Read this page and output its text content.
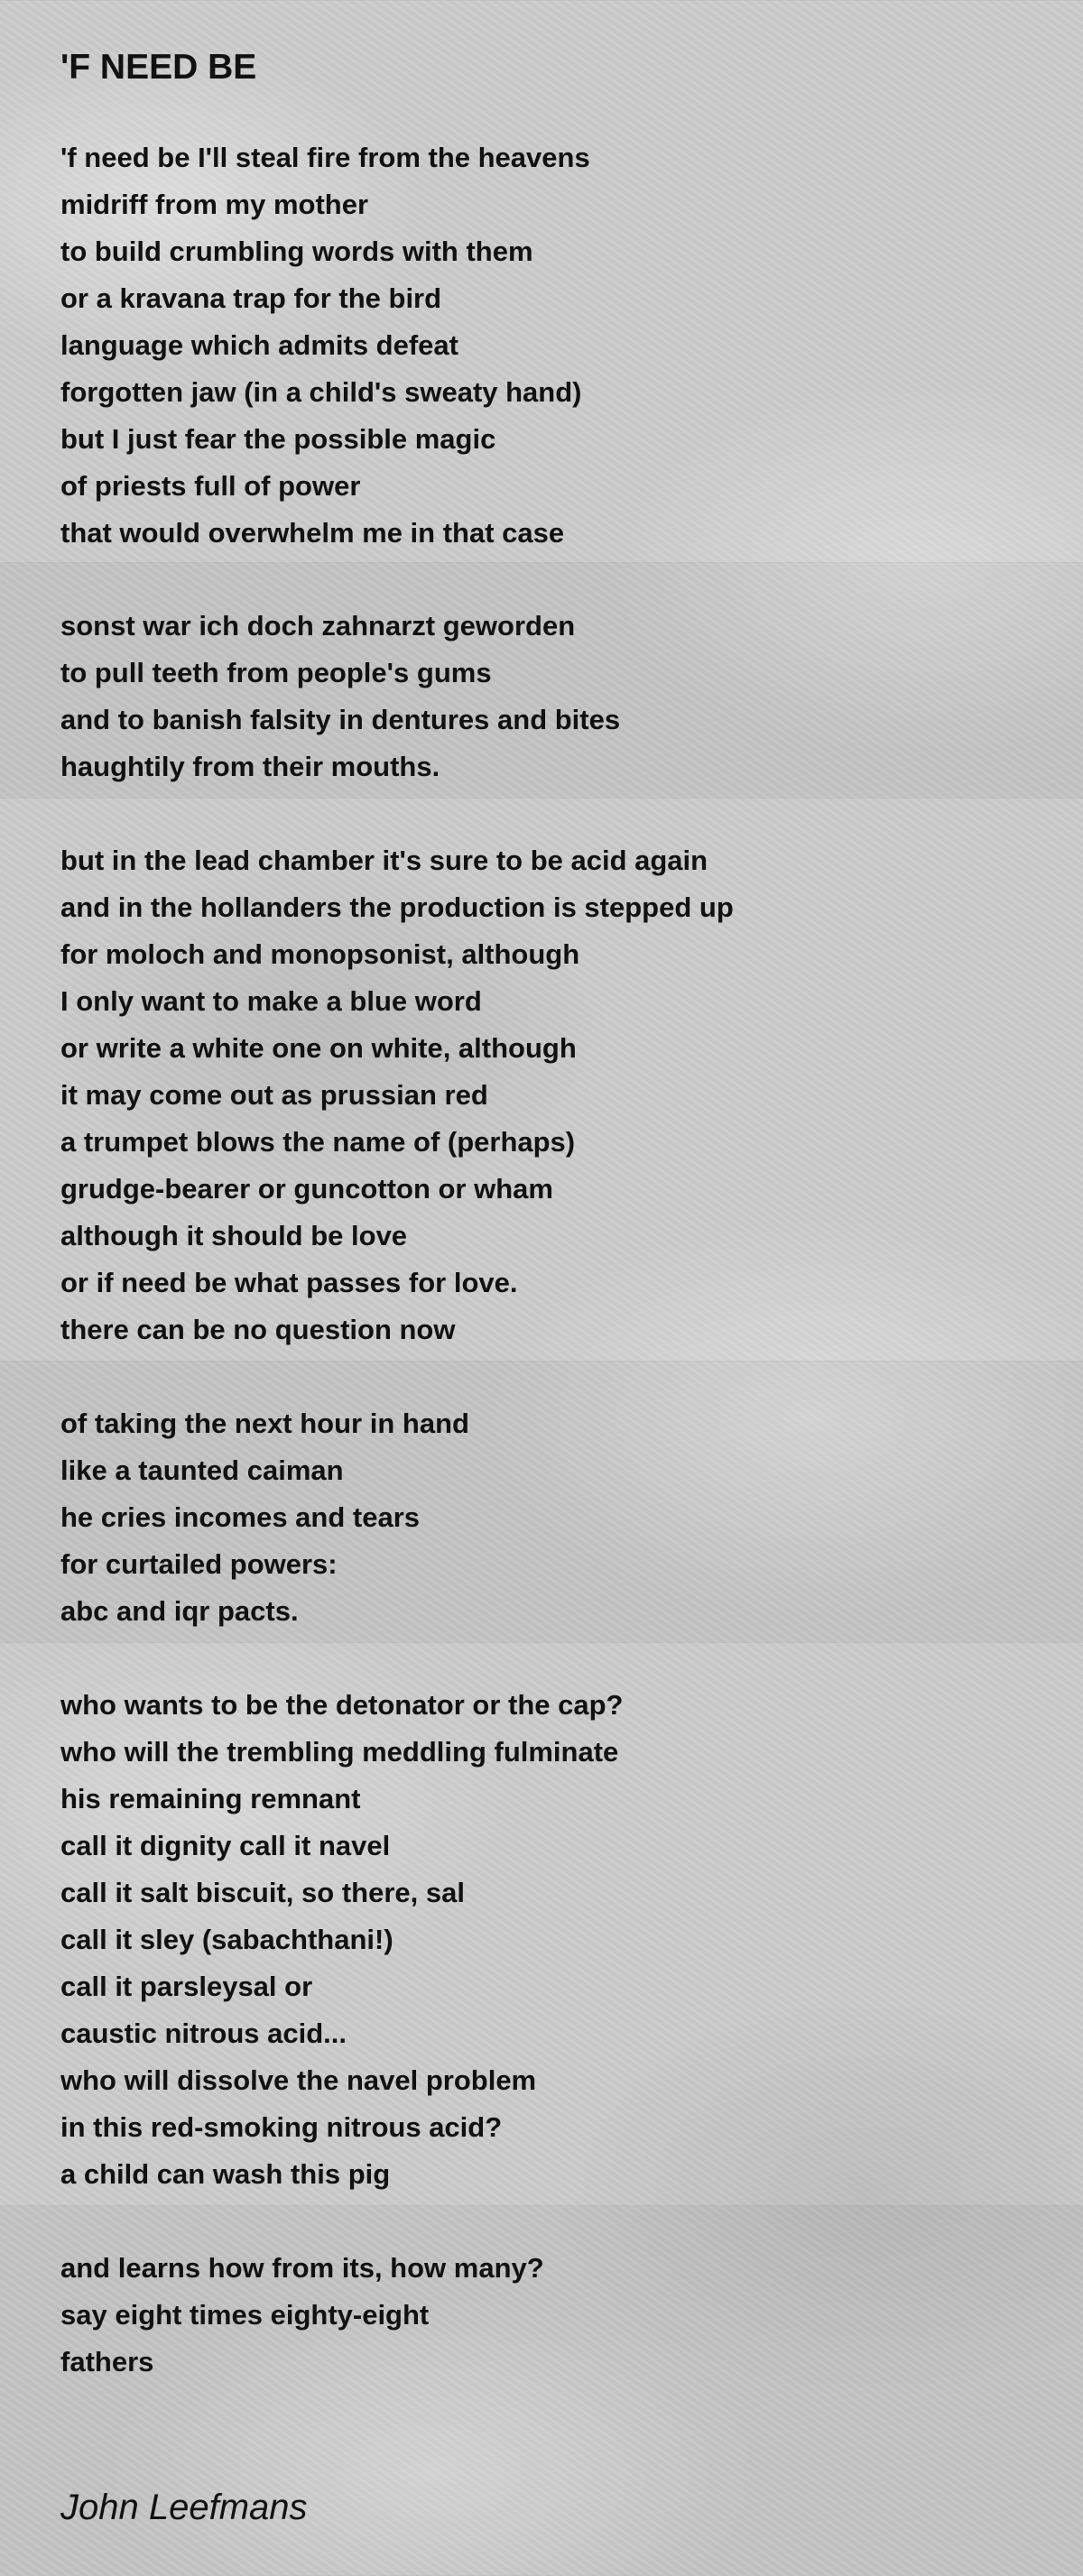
'F NEED BE
'f need be I'll steal fire from the heavens
midriff from my mother
to build crumbling words with them
or a kravana trap for the bird
language which admits defeat
forgotten jaw (in a child's sweaty hand)
but I just fear the possible magic
of priests full of power
that would overwhelm me in that case
sonst war ich doch zahnarzt geworden
to pull teeth from people's gums
and to banish falsity in dentures and bites
haughtily from their mouths.
but in the lead chamber it's sure to be acid again
and in the hollanders the production is stepped up
for moloch and monopsonist, although
I only want to make a blue word
or write a white one on white, although
it may come out as prussian red
a trumpet blows the name of (perhaps)
grudge-bearer or guncotton or wham
although it should be love
or if need be what passes for love.
there can be no question now
of taking the next hour in hand
like a taunted caiman
he cries incomes and tears
for curtailed powers:
abc and iqr pacts.
who wants to be the detonator or the cap?
who will the trembling meddling fulminate
his remaining remnant
call it dignity call it navel
call it salt biscuit, so there, sal
call it sley (sabachthani!)
call it parsleysal or
caustic nitrous acid...
who will dissolve the navel problem
in this red-smoking nitrous acid?
a child can wash this pig
and learns how from its, how many?
say eight times eighty-eight
fathers

John Leefmans
